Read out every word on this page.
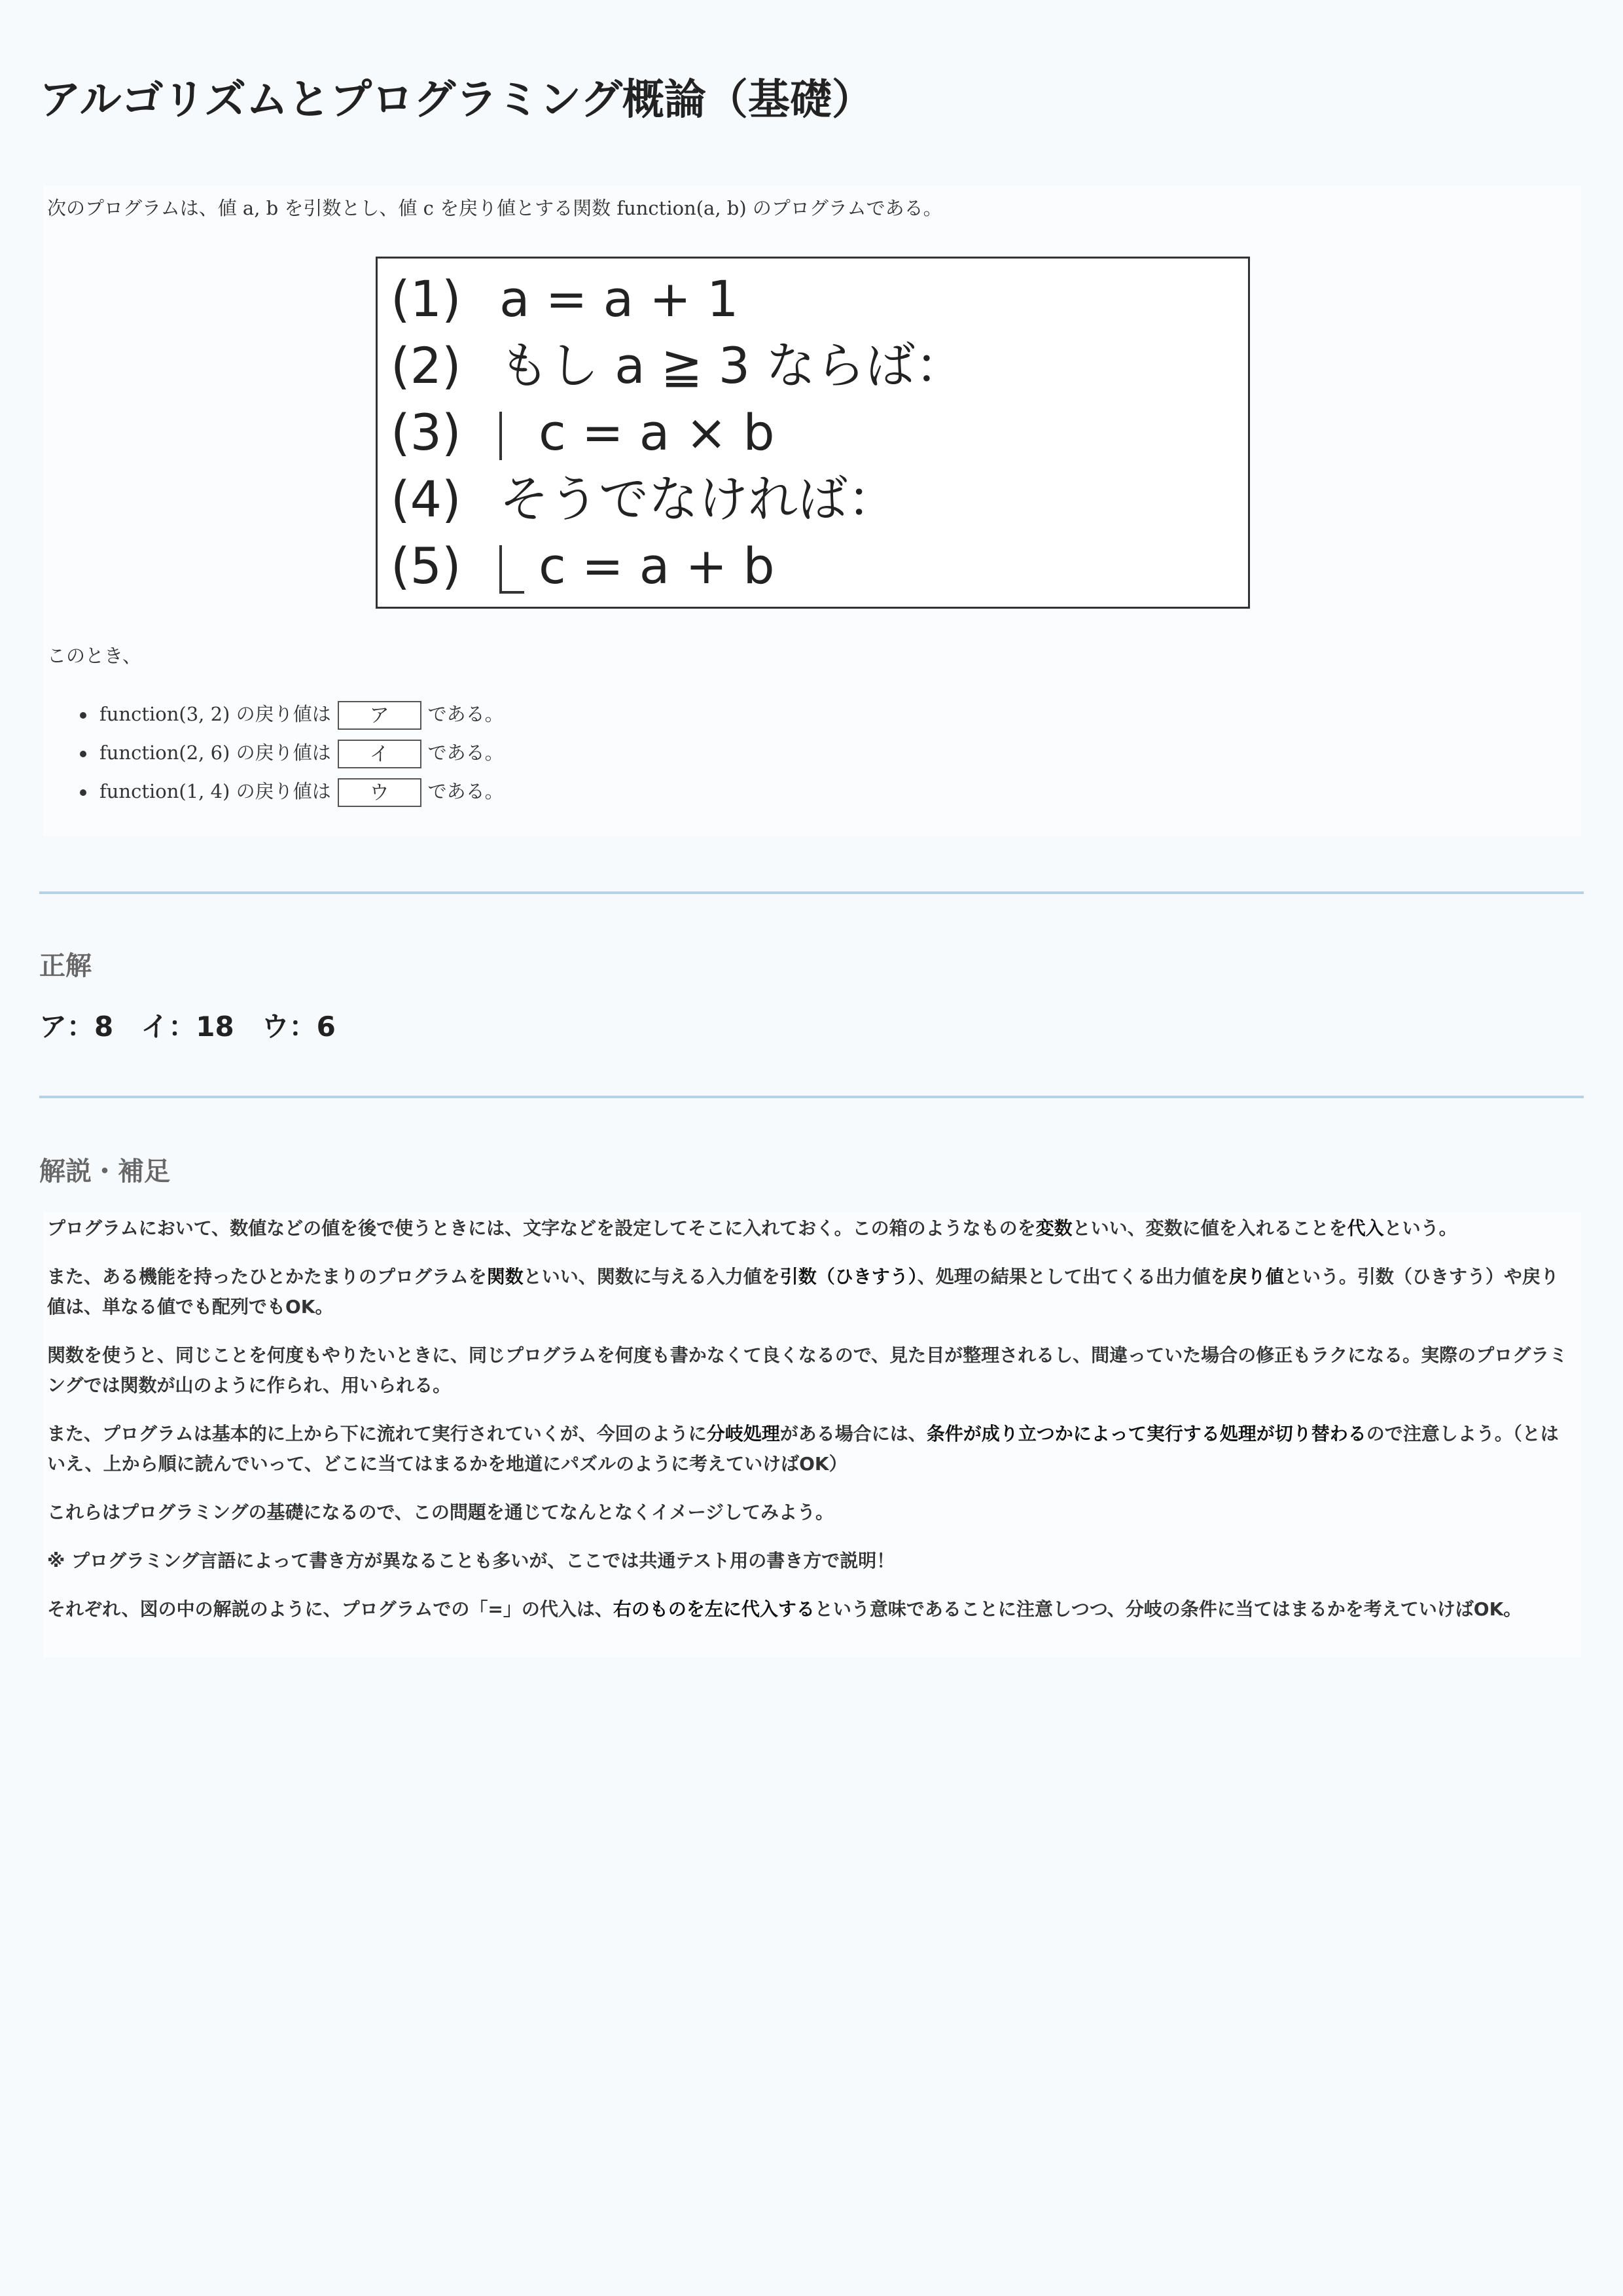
アルゴリズムとプログラミング概論（基礎）
次のプログラムは、値 a, b を引数とし、値 c を戻り値とする関数 function(a, b) のプログラムである。
(1) a = a + 1
(2) もし a ≧ 3 ならば：
(3) c = a × b
(4) そうでなければ：
(5) c = a + b
このとき、
function(3, 2) の戻り値は ア である。
function(2, 6) の戻り値は イ である。
function(1, 4) の戻り値は ウ である。
正解
ア：8　イ：18　ウ：6
解説・補足

プログラムにおいて、数値などの値を後で使うときには、文字などを設定してそこに入れておく。この箱のようなものを変数といい、変数に値を入れることを代入という。

また、ある機能を持ったひとかたまりのプログラムを関数といい、関数に与える入力値を引数（ひきすう）、処理の結果として出てくる出力値を戻り値という。引数（ひきすう）や戻り値は、単なる値でも配列でもOK。

関数を使うと、同じことを何度もやりたいときに、同じプログラムを何度も書かなくて良くなるので、見た目が整理されるし、間違っていた場合の修正もラクになる。実際のプログラミングでは関数が山のように作られ、用いられる。

また、プログラムは基本的に上から下に流れて実行されていくが、今回のように分岐処理がある場合には、条件が成り立つかによって実行する処理が切り替わるので注意しよう。（とはいえ、上から順に読んでいって、どこに当てはまるかを地道にパズルのように考えていけばOK）

これらはプログラミングの基礎になるので、この問題を通じてなんとなくイメージしてみよう。

※ プログラミング言語によって書き方が異なることも多いが、ここでは共通テスト用の書き方で説明！

それぞれ、図の中の解説のように、プログラムでの「=」の代入は、右のものを左に代入するという意味であることに注意しつつ、分岐の条件に当てはまるかを考えていけばOK。
